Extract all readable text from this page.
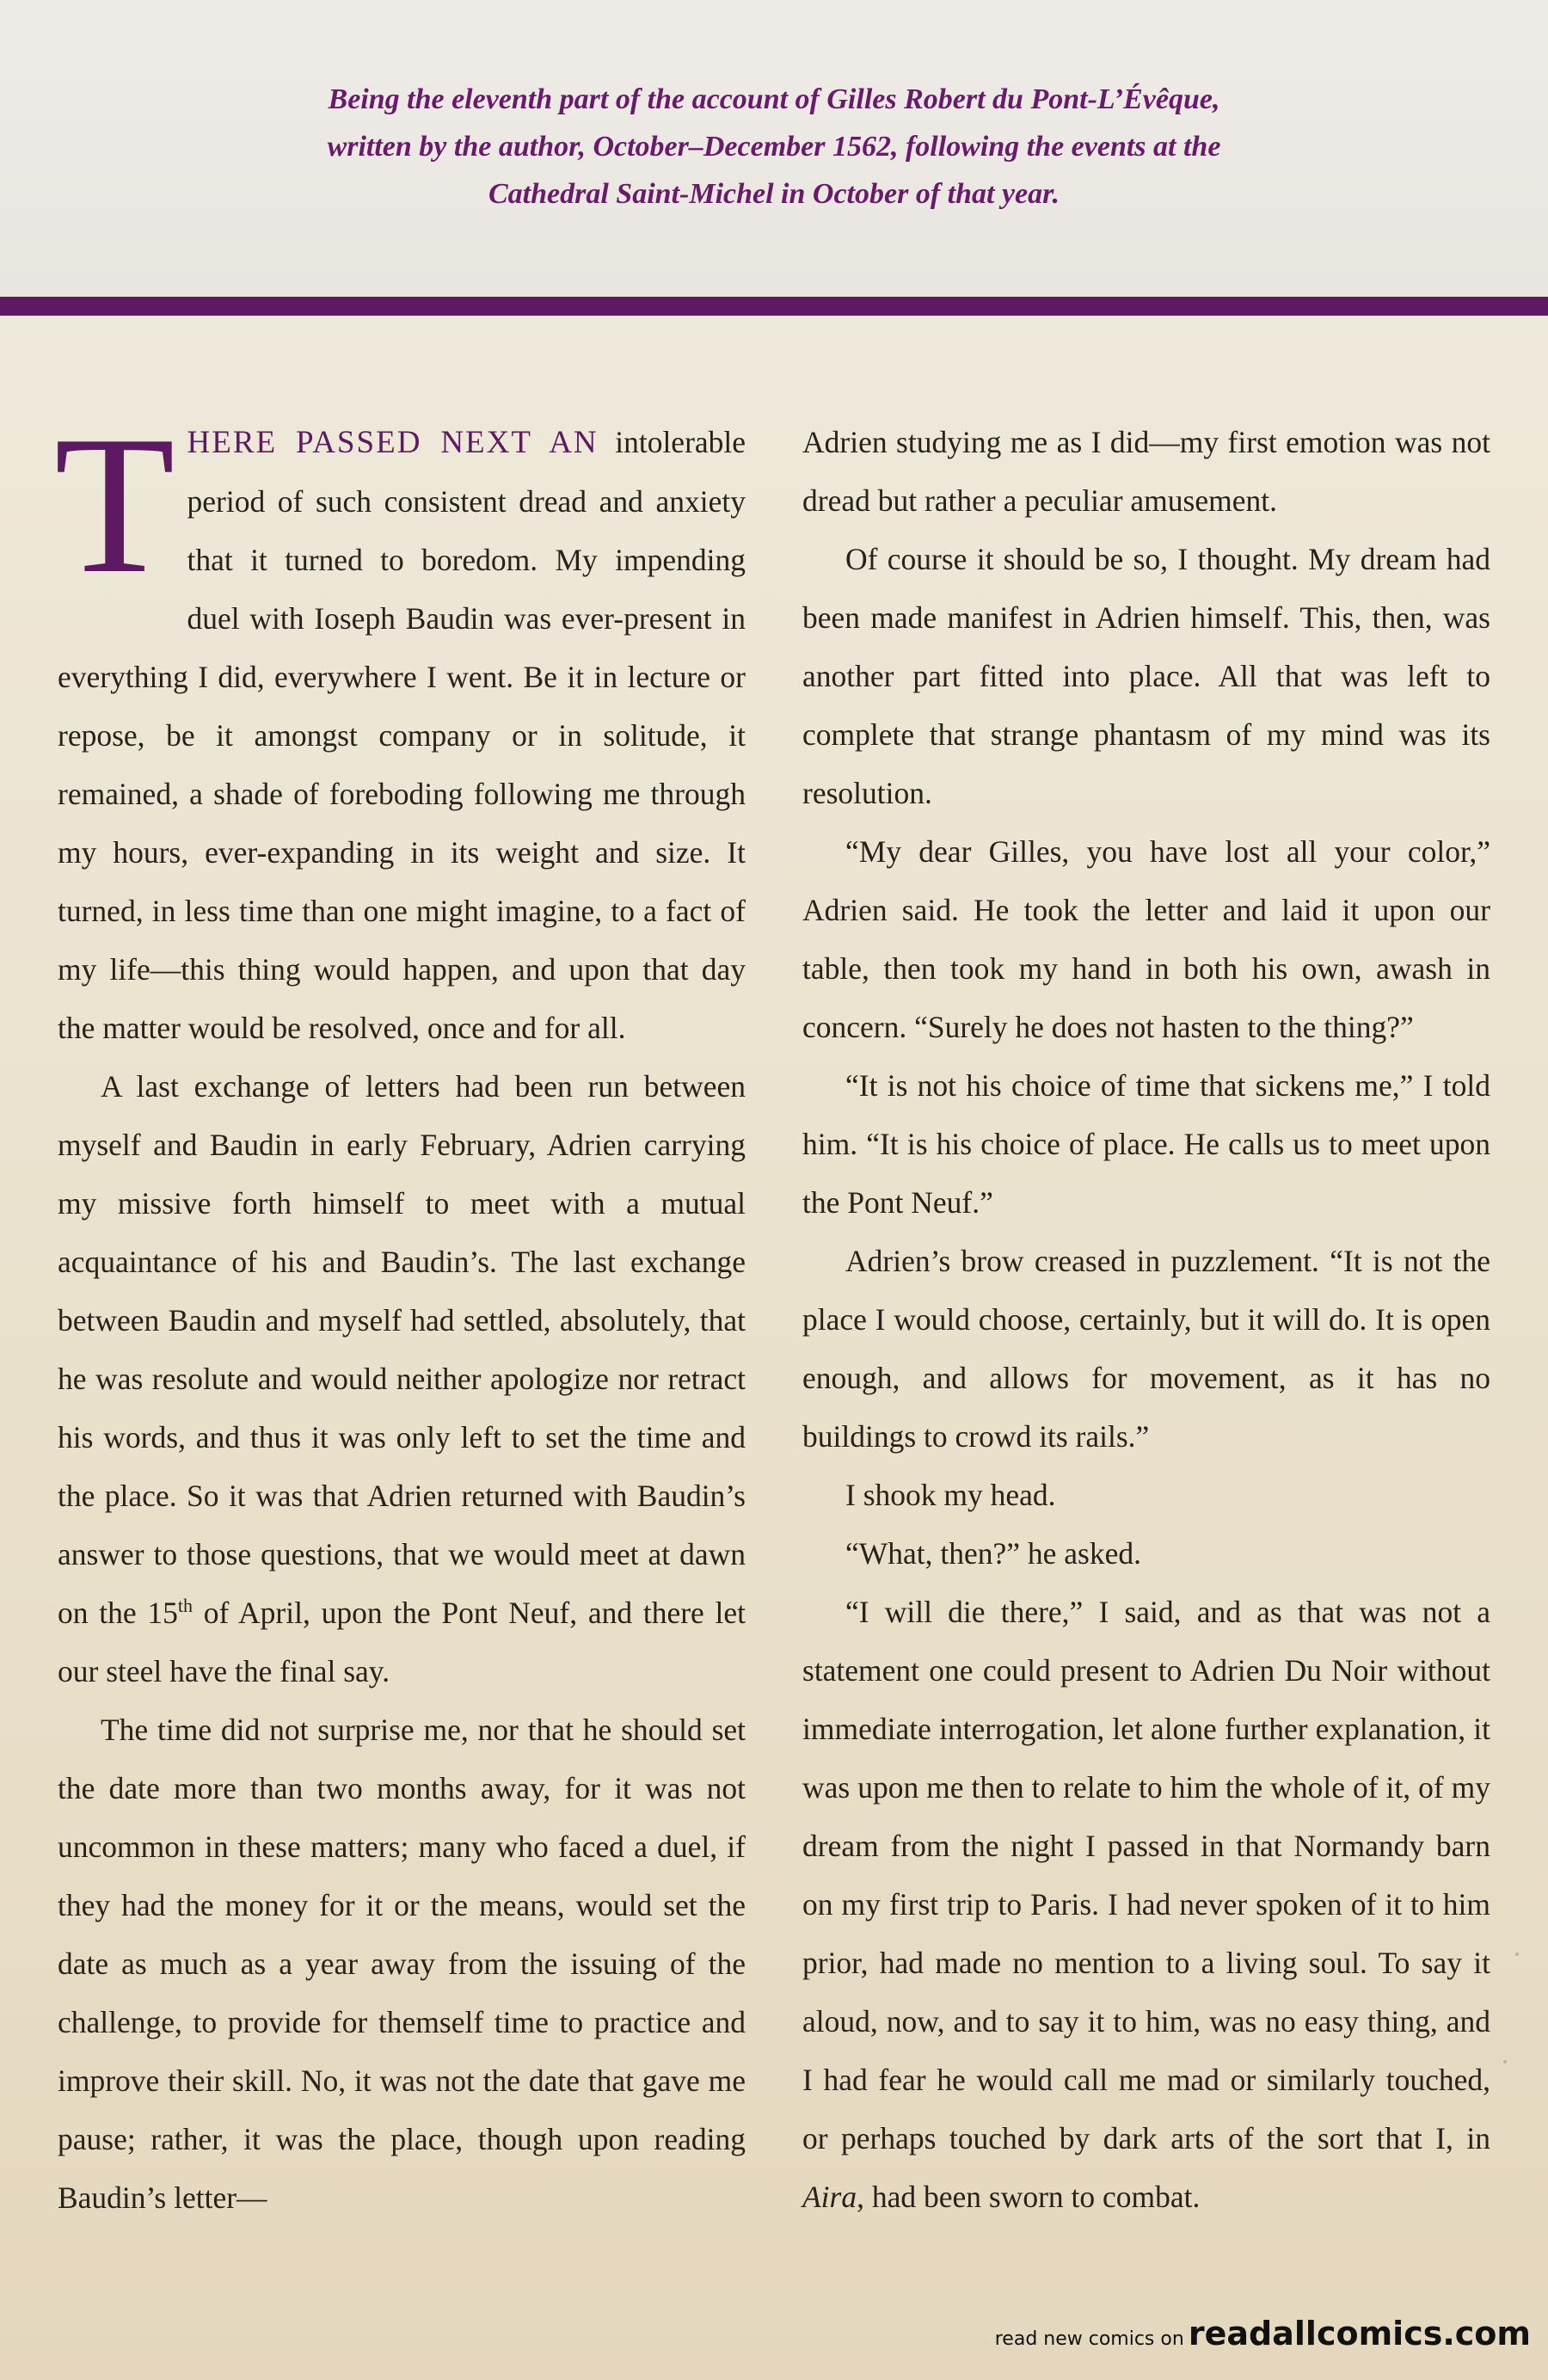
Being the eleventh part of the account of Gilles Robert du Pont-L’Évêque,
written by the author, October–December 1562, following the events at the
Cathedral Saint-Michel in October of that year.

THERE PASSED NEXT AN intolerable period of such consistent dread and anxiety that it turned to boredom. My impending duel with Ioseph Baudin was ever-present in everything I did, everywhere I went. Be it in lecture or repose, be it amongst company or in solitude, it remained, a shade of foreboding following me through my hours, ever-expanding in its weight and size. It turned, in less time than one might imagine, to a fact of my life—this thing would happen, and upon that day the matter would be resolved, once and for all.

A last exchange of letters had been run between myself and Baudin in early February, Adrien carrying my missive forth himself to meet with a mutual acquaintance of his and Baudin’s. The last exchange between Baudin and myself had settled, absolutely, that he was resolute and would neither apologize nor retract his words, and thus it was only left to set the time and the place. So it was that Adrien returned with Baudin’s answer to those questions, that we would meet at dawn on the 15th of April, upon the Pont Neuf, and there let our steel have the final say.

The time did not surprise me, nor that he should set the date more than two months away, for it was not uncommon in these matters; many who faced a duel, if they had the money for it or the means, would set the date as much as a year away from the issuing of the challenge, to provide for themself time to practice and improve their skill. No, it was not the date that gave me pause; rather, it was the place, though upon reading Baudin’s letter—

Adrien studying me as I did—my first emotion was not dread but rather a peculiar amusement.

Of course it should be so, I thought. My dream had been made manifest in Adrien himself. This, then, was another part fitted into place. All that was left to complete that strange phantasm of my mind was its resolution.

“My dear Gilles, you have lost all your color,” Adrien said. He took the letter and laid it upon our table, then took my hand in both his own, awash in concern. “Surely he does not hasten to the thing?”

“It is not his choice of time that sickens me,” I told him. “It is his choice of place. He calls us to meet upon the Pont Neuf.”

Adrien’s brow creased in puzzlement. “It is not the place I would choose, certainly, but it will do. It is open enough, and allows for movement, as it has no buildings to crowd its rails.”

I shook my head.

“What, then?” he asked.

“I will die there,” I said, and as that was not a statement one could present to Adrien Du Noir without immediate interrogation, let alone further explanation, it was upon me then to relate to him the whole of it, of my dream from the night I passed in that Normandy barn on my first trip to Paris. I had never spoken of it to him prior, had made no mention to a living soul. To say it aloud, now, and to say it to him, was no easy thing, and I had fear he would call me mad or similarly touched, or perhaps touched by dark arts of the sort that I, in Aira, had been sworn to combat.

read new comics on readallcomics.com
